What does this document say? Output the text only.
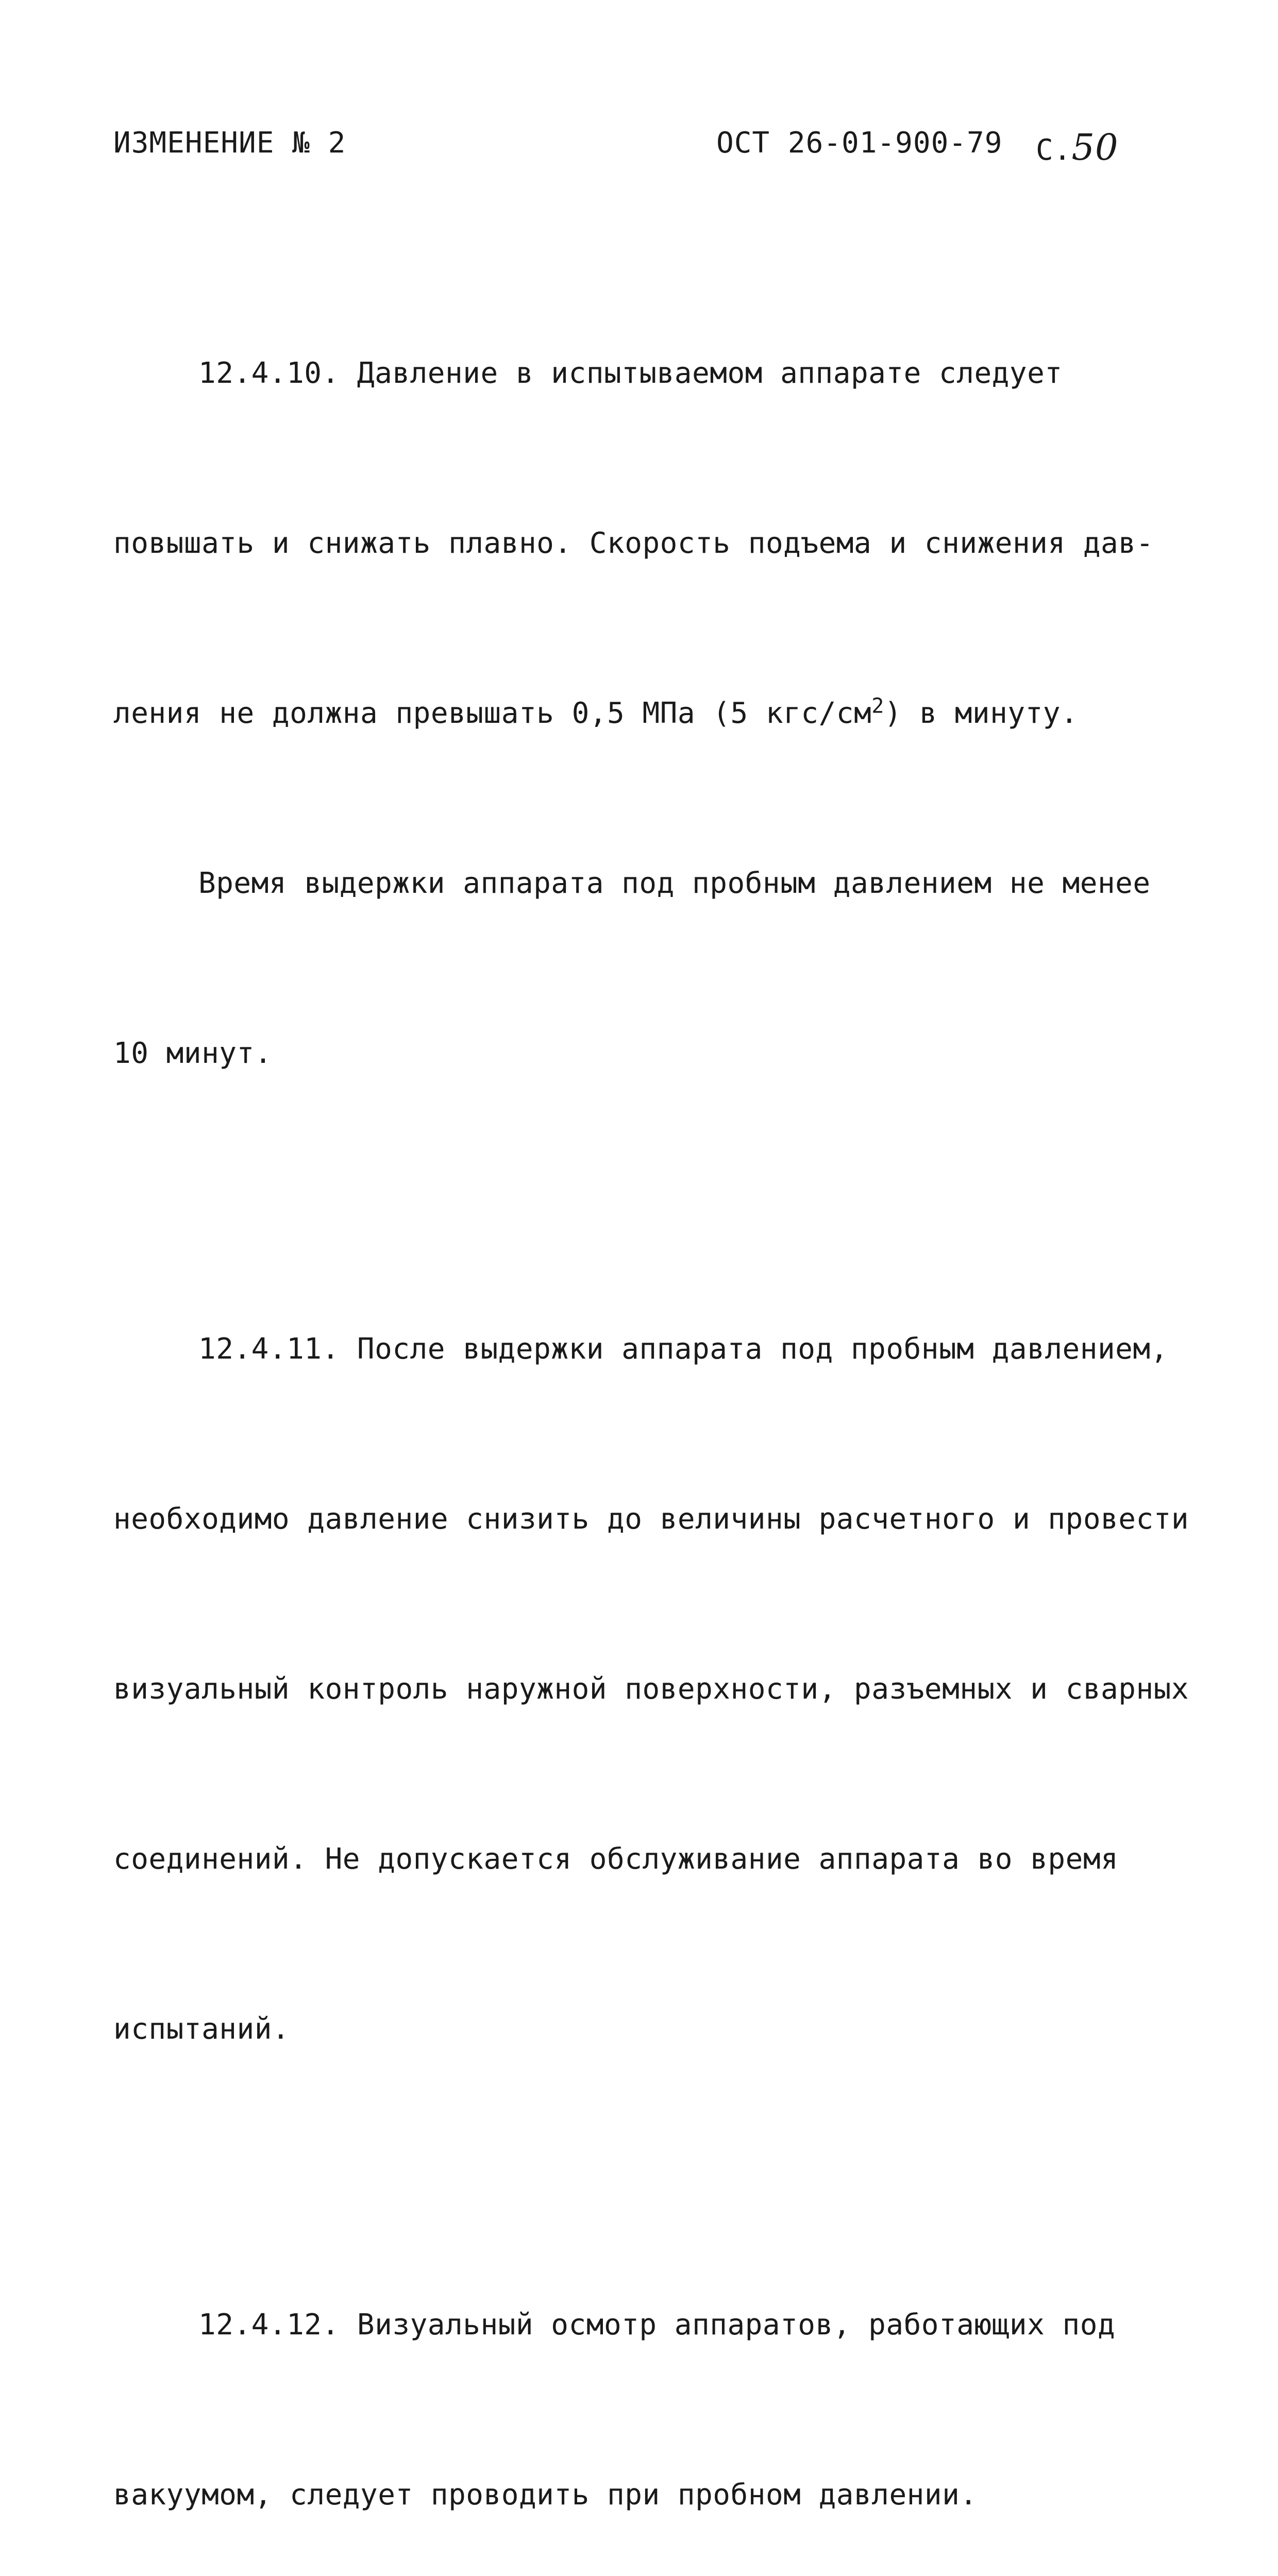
ИЗМЕНЕНИЕ № 2	ОСТ 26-01-900-79 С.50

12.4.10. Давление в испытываемом аппарате следует

повышать и снижать плавно. Скорость подъема и снижения дав-

ления не должна превышать 0,5 МПа (5 кгс/$см^2$) в минуту.

Время выдержки аппарата под пробным давлением не менее

10 минут.

12.4.11. После выдержки аппарата под пробным давлением,

необходимо давление снизить до величины расчетного и провести

визуальный контроль наружной поверхности, разъемных и сварных

соединений. Не допускается обслуживание аппарата во время

испытаний.

12.4.12. Визуальный осмотр аппаратов, работающих под

вакуумом, следует проводить при пробном давлении.
